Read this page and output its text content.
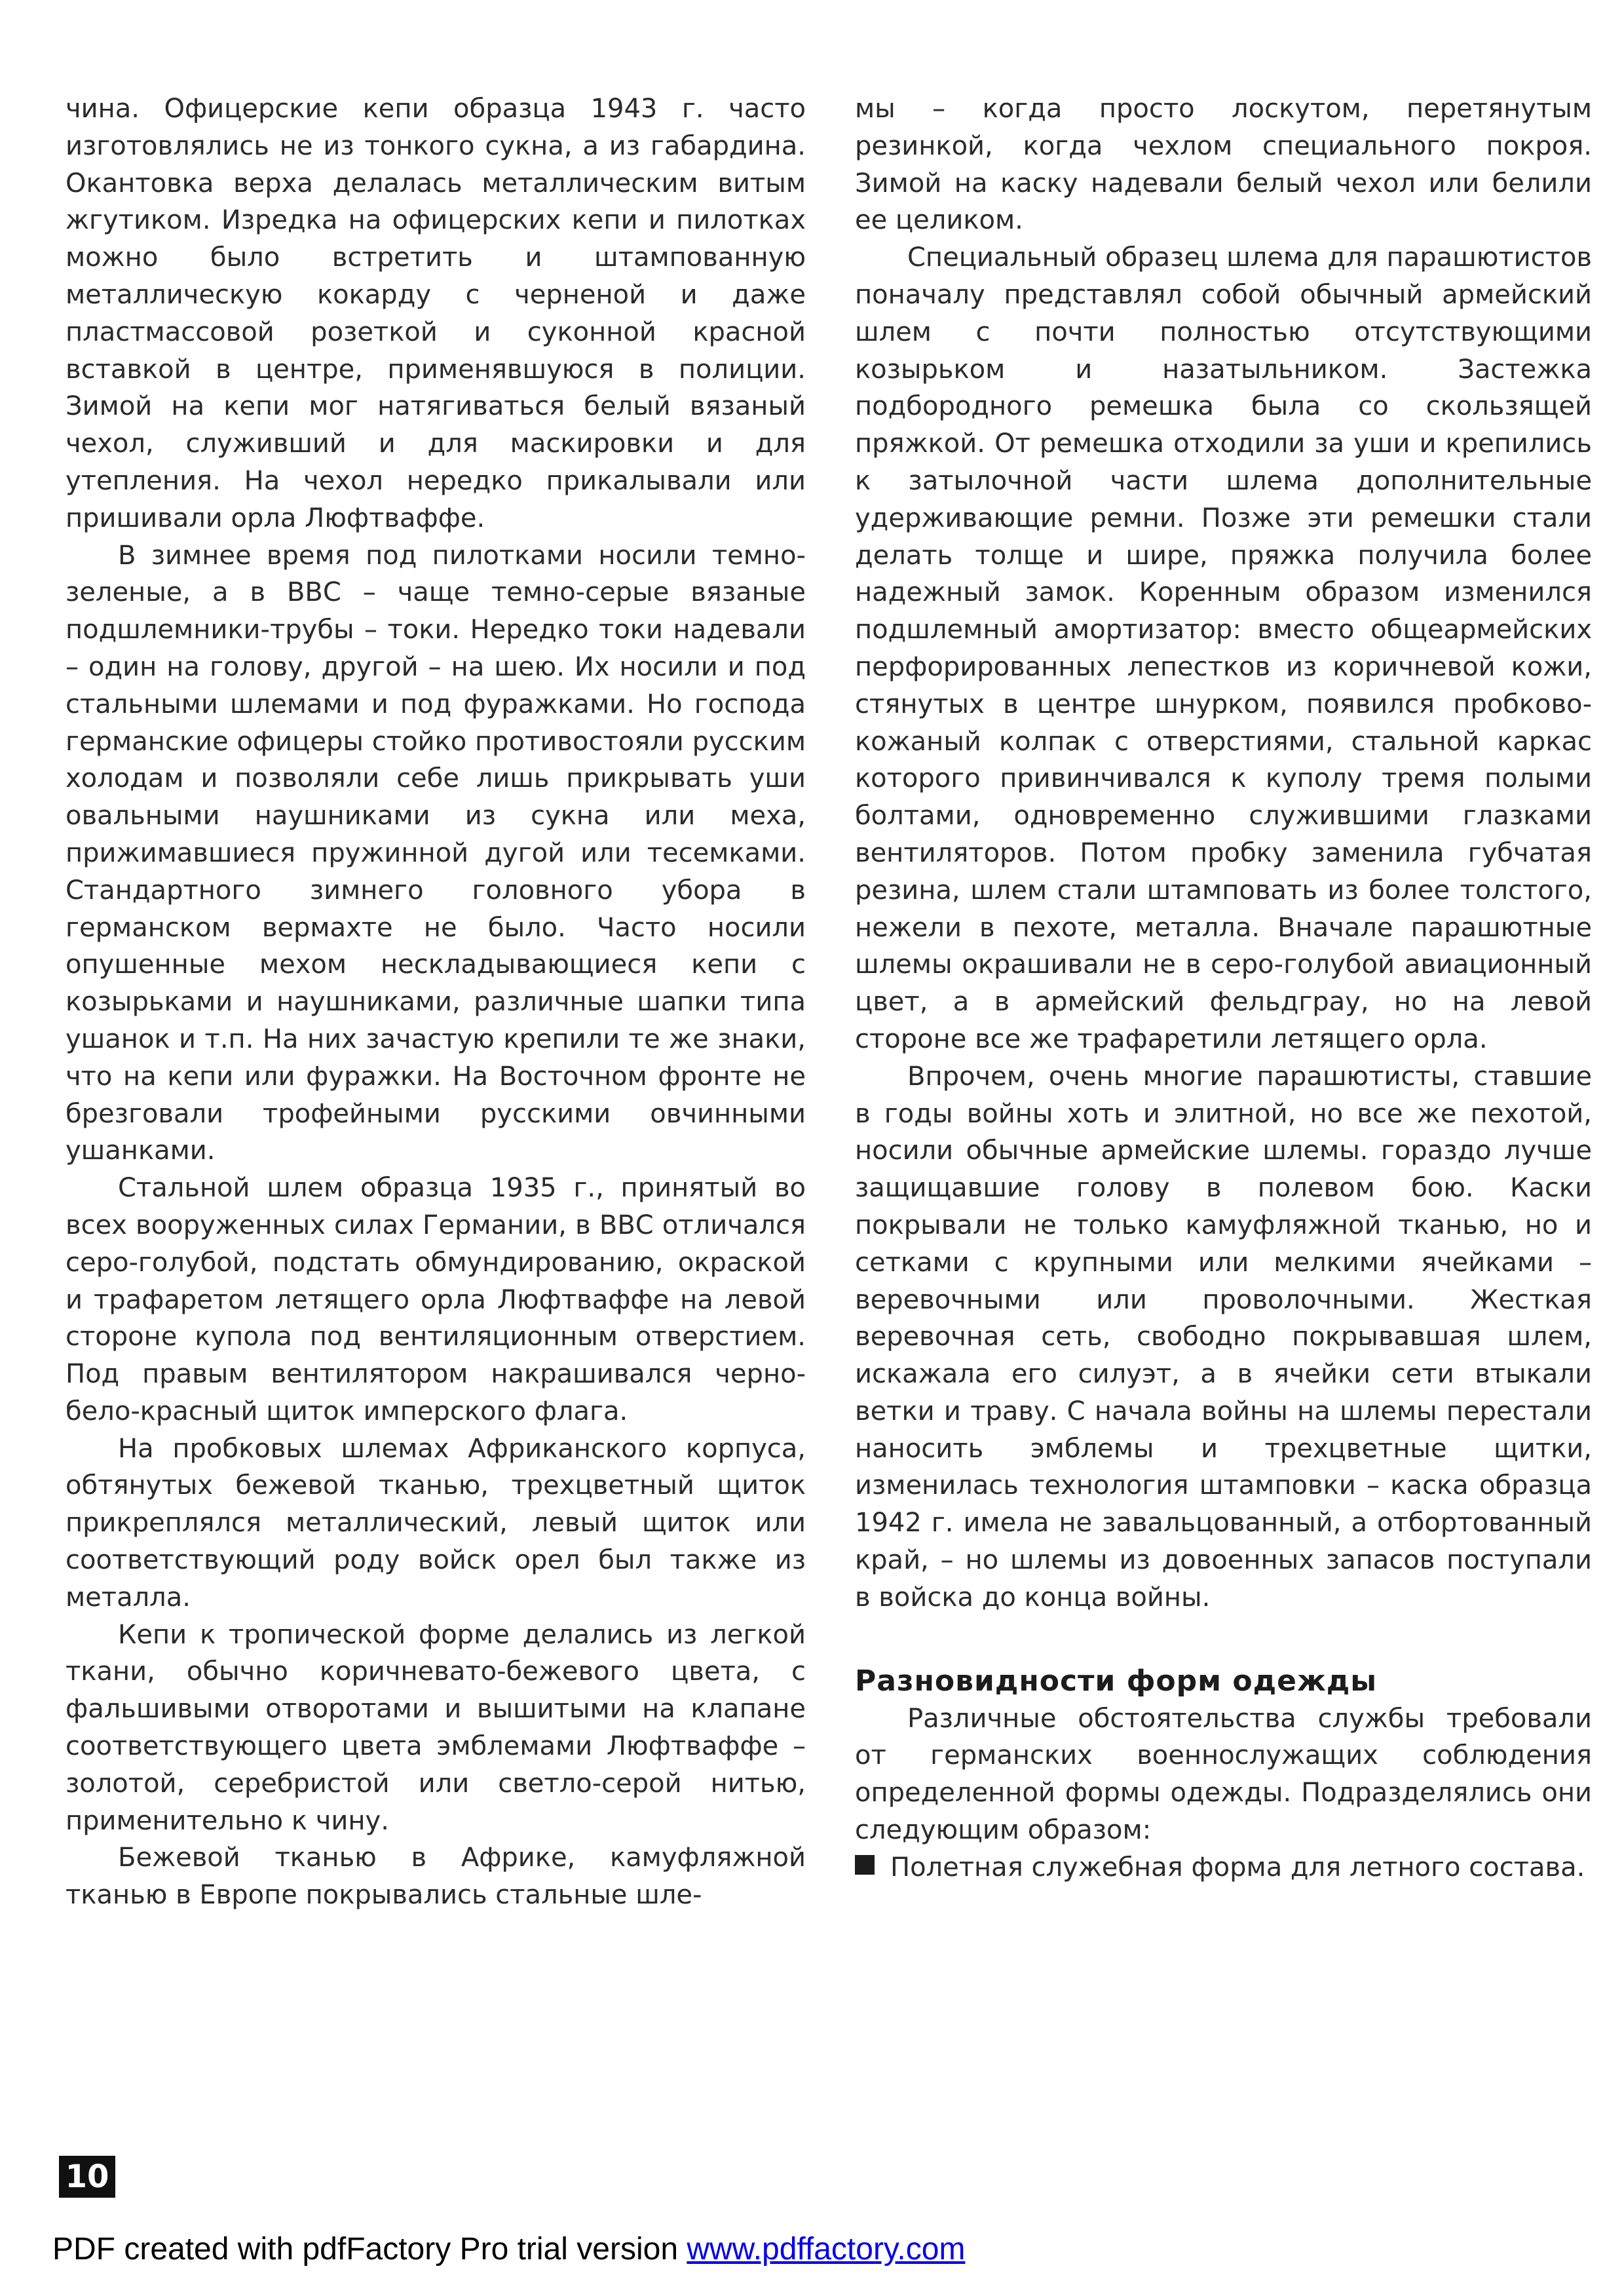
чина. Офицерские кепи образца 1943 г. часто изготовлялись не из тонкого сукна, а из габардина. Окантовка верха делалась металлическим витым жгутиком. Изредка на офицерских кепи и пилотках можно было встретить и штампованную металлическую кокарду с черненой и даже пластмассовой розеткой и суконной красной вставкой в центре, применявшуюся в полиции. Зимой на кепи мог натягиваться белый вязаный чехол, служивший и для маскировки и для утепления. На чехол нередко прикалывали или пришивали орла Люфтваффе.

В зимнее время под пилотками носили темно-зеленые, а в ВВС – чаще темно-серые вязаные подшлемники-трубы – токи. Нередко токи надевали – один на голову, другой – на шею. Их носили и под стальными шлемами и под фуражками. Но господа германские офицеры стойко противостояли русским холодам и позволяли себе лишь прикрывать уши овальными наушниками из сукна или меха, прижимавшиеся пружинной дугой или тесемками. Стандартного зимнего головного убора в германском вермахте не было. Часто носили опушенные мехом нескладывающиеся кепи с козырьками и наушниками, различные шапки типа ушанок и т.п. На них зачастую крепили те же знаки, что на кепи или фуражки. На Восточном фронте не брезговали трофейными русскими овчинными ушанками.

Стальной шлем образца 1935 г., принятый во всех вооруженных силах Германии, в ВВС отличался серо-голубой, подстать обмундированию, окраской и трафаретом летящего орла Люфтваффе на левой стороне купола под вентиляционным отверстием. Под правым вентилятором накрашивался черно-бело-красный щиток имперского флага.

На пробковых шлемах Африканского корпуса, обтянутых бежевой тканью, трехцветный щиток прикреплялся металлический, левый щиток или соответствующий роду войск орел был также из металла.

Кепи к тропической форме делались из легкой ткани, обычно коричневато-бежевого цвета, с фальшивыми отворотами и вышитыми на клапане соответствующего цвета эмблемами Люфтваффе – золотой, серебристой или светло-серой нитью, применительно к чину.

Бежевой тканью в Африке, камуфляжной тканью в Европе покрывались стальные шле-

мы – когда просто лоскутом, перетянутым резинкой, когда чехлом специального покроя. Зимой на каску надевали белый чехол или белили ее целиком.

Специальный образец шлема для парашютистов поначалу представлял собой обычный армейский шлем с почти полностью отсутствующими козырьком и назатыльником. Застежка подбородного ремешка была со скользящей пряжкой. От ремешка отходили за уши и крепились к затылочной части шлема дополнительные удерживающие ремни. Позже эти ремешки стали делать толще и шире, пряжка получила более надежный замок. Коренным образом изменился подшлемный амортизатор: вместо общеармейских перфорированных лепестков из коричневой кожи, стянутых в центре шнурком, появился пробково-кожаный колпак с отверстиями, стальной каркас которого привинчивался к куполу тремя полыми болтами, одновременно служившими глазками вентиляторов. Потом пробку заменила губчатая резина, шлем стали штамповать из более толстого, нежели в пехоте, металла. Вначале парашютные шлемы окрашивали не в серо-голубой авиационный цвет, а в армейский фельдграу, но на левой стороне все же трафаретили летящего орла.

Впрочем, очень многие парашютисты, ставшие в годы войны хоть и элитной, но все же пехотой, носили обычные армейские шлемы. гораздо лучше защищавшие голову в полевом бою. Каски покрывали не только камуфляжной тканью, но и сетками с крупными или мелкими ячейками – веревочными или проволочными. Жесткая веревочная сеть, свободно покрывавшая шлем, искажала его силуэт, а в ячейки сети втыкали ветки и траву. С начала войны на шлемы перестали наносить эмблемы и трехцветные щитки, изменилась технология штамповки – каска образца 1942 г. имела не завальцованный, а отбортованный край, – но шлемы из довоенных запасов поступали в войска до конца войны.

Разновидности форм одежды

Различные обстоятельства службы требовали от германских военнослужащих соблюдения определенной формы одежды. Подразделялись они следующим образом:

Полетная служебная форма для летного состава.

10
PDF created with pdfFactory Pro trial version www.pdffactory.com
